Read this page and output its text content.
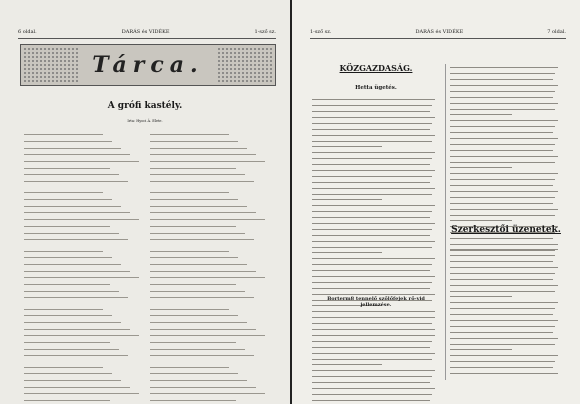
6 oldal.	DARÁS és VIDÉKE	1-sző sz.
Tárca.
A grófi kastély.
Irta: Hyoci Á. Elete.
1-sző sz.	DARÁS és VIDÉKE	7 oldal.
KÖZGAZDASÁG.
Hetta ügetés.
Borterm8 tennelő szőlőfejek rő-vid jellemzése.
Szerkesztői üzenetek.
